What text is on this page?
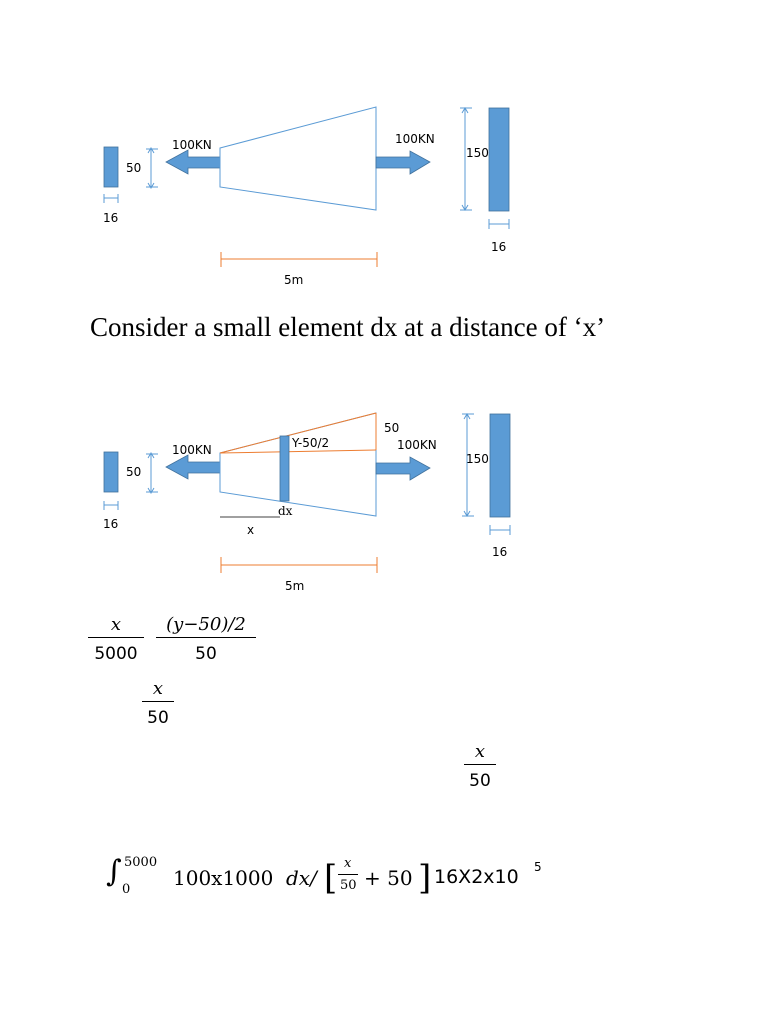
50
16
100KN	100KN
150
16
5m
50
16
100KN	Y-50/2
50
dx
x
100KN
150
16
5m
Consider a small element dx at a distance of ‘x’
$\frac{x}{5000} \frac{(y-50)/2}{50}$
$\frac{x}{50}$
$\frac{x}{50}$
∫ 5000
0 100x1000 dx/ [ x
50 + 50 ] 16X2x10 5
